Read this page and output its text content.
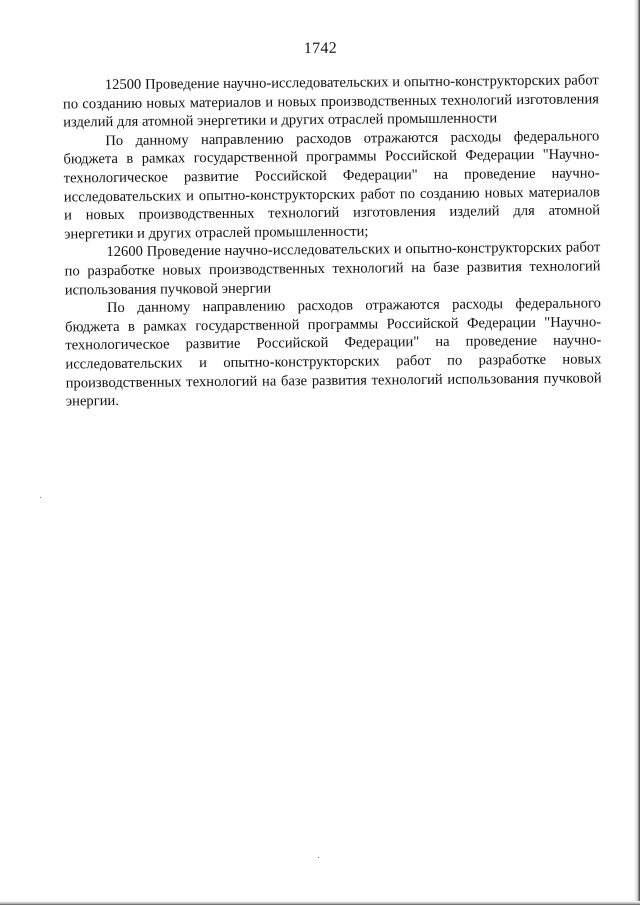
1742

12500 Проведение научно-исследовательских и опытно-конструкторских работ по созданию новых материалов и новых производственных технологий изготовления изделий для атомной энергетики и других отраслей промышленности

По данному направлению расходов отражаются расходы федерального бюджета в рамках государственной программы Российской Федерации "Научно-технологическое развитие Российской Федерации" на проведение научно-исследовательских и опытно-конструкторских работ по созданию новых материалов и новых производственных технологий изготовления изделий для атомной энергетики и других отраслей промышленности;

12600 Проведение научно-исследовательских и опытно-конструкторских работ по разработке новых производственных технологий на базе развития технологий использования пучковой энергии

По данному направлению расходов отражаются расходы федерального бюджета в рамках государственной программы Российской Федерации "Научно-технологическое развитие Российской Федерации" на проведение научно-исследовательских и опытно-конструкторских работ по разработке новых производственных технологий на базе развития технологий использования пучковой энергии.
